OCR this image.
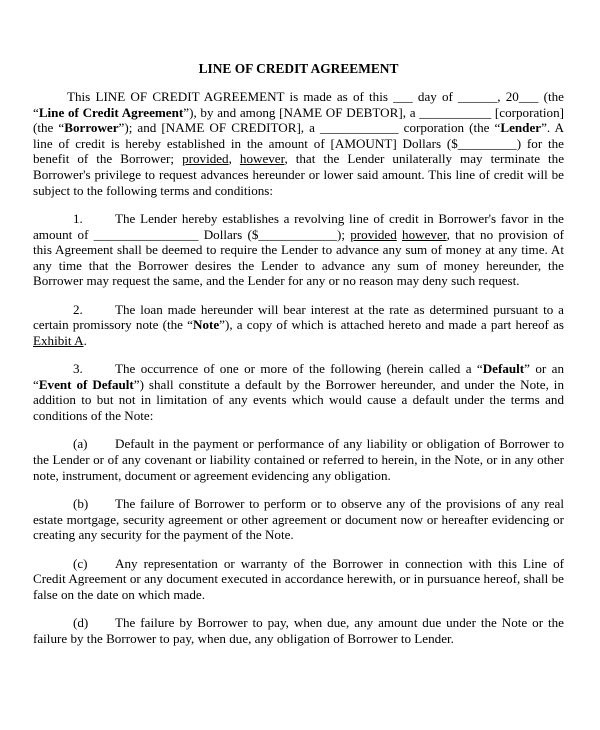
LINE OF CREDIT AGREEMENT

This LINE OF CREDIT AGREEMENT is made as of this ___ day of ______, 20___ (the “Line of Credit Agreement”), by and among [NAME OF DEBTOR], a ___________ [corporation] (the “Borrower”); and [NAME OF CREDITOR], a ____________ corporation (the “Lender”. A line of credit is hereby established in the amount of [AMOUNT] Dollars ($_________) for the benefit of the Borrower; provided, however, that the Lender unilaterally may terminate the Borrower's privilege to request advances hereunder or lower said amount. This line of credit will be subject to the following terms and conditions:

1. The Lender hereby establishes a revolving line of credit in Borrower's favor in the amount of ________________ Dollars ($____________); provided however, that no provision of this Agreement shall be deemed to require the Lender to advance any sum of money at any time. At any time that the Borrower desires the Lender to advance any sum of money hereunder, the Borrower may request the same, and the Lender for any or no reason may deny such request.

2. The loan made hereunder will bear interest at the rate as determined pursuant to a certain promissory note (the “Note”), a copy of which is attached hereto and made a part hereof as Exhibit A.

3. The occurrence of one or more of the following (herein called a “Default” or an “Event of Default”) shall constitute a default by the Borrower hereunder, and under the Note, in addition to but not in limitation of any events which would cause a default under the terms and conditions of the Note:

(a) Default in the payment or performance of any liability or obligation of Borrower to the Lender or of any covenant or liability contained or referred to herein, in the Note, or in any other note, instrument, document or agreement evidencing any obligation.

(b) The failure of Borrower to perform or to observe any of the provisions of any real estate mortgage, security agreement or other agreement or document now or hereafter evidencing or creating any security for the payment of the Note.

(c) Any representation or warranty of the Borrower in connection with this Line of Credit Agreement or any document executed in accordance herewith, or in pursuance hereof, shall be false on the date on which made.

(d) The failure by Borrower to pay, when due, any amount due under the Note or the failure by the Borrower to pay, when due, any obligation of Borrower to Lender.
